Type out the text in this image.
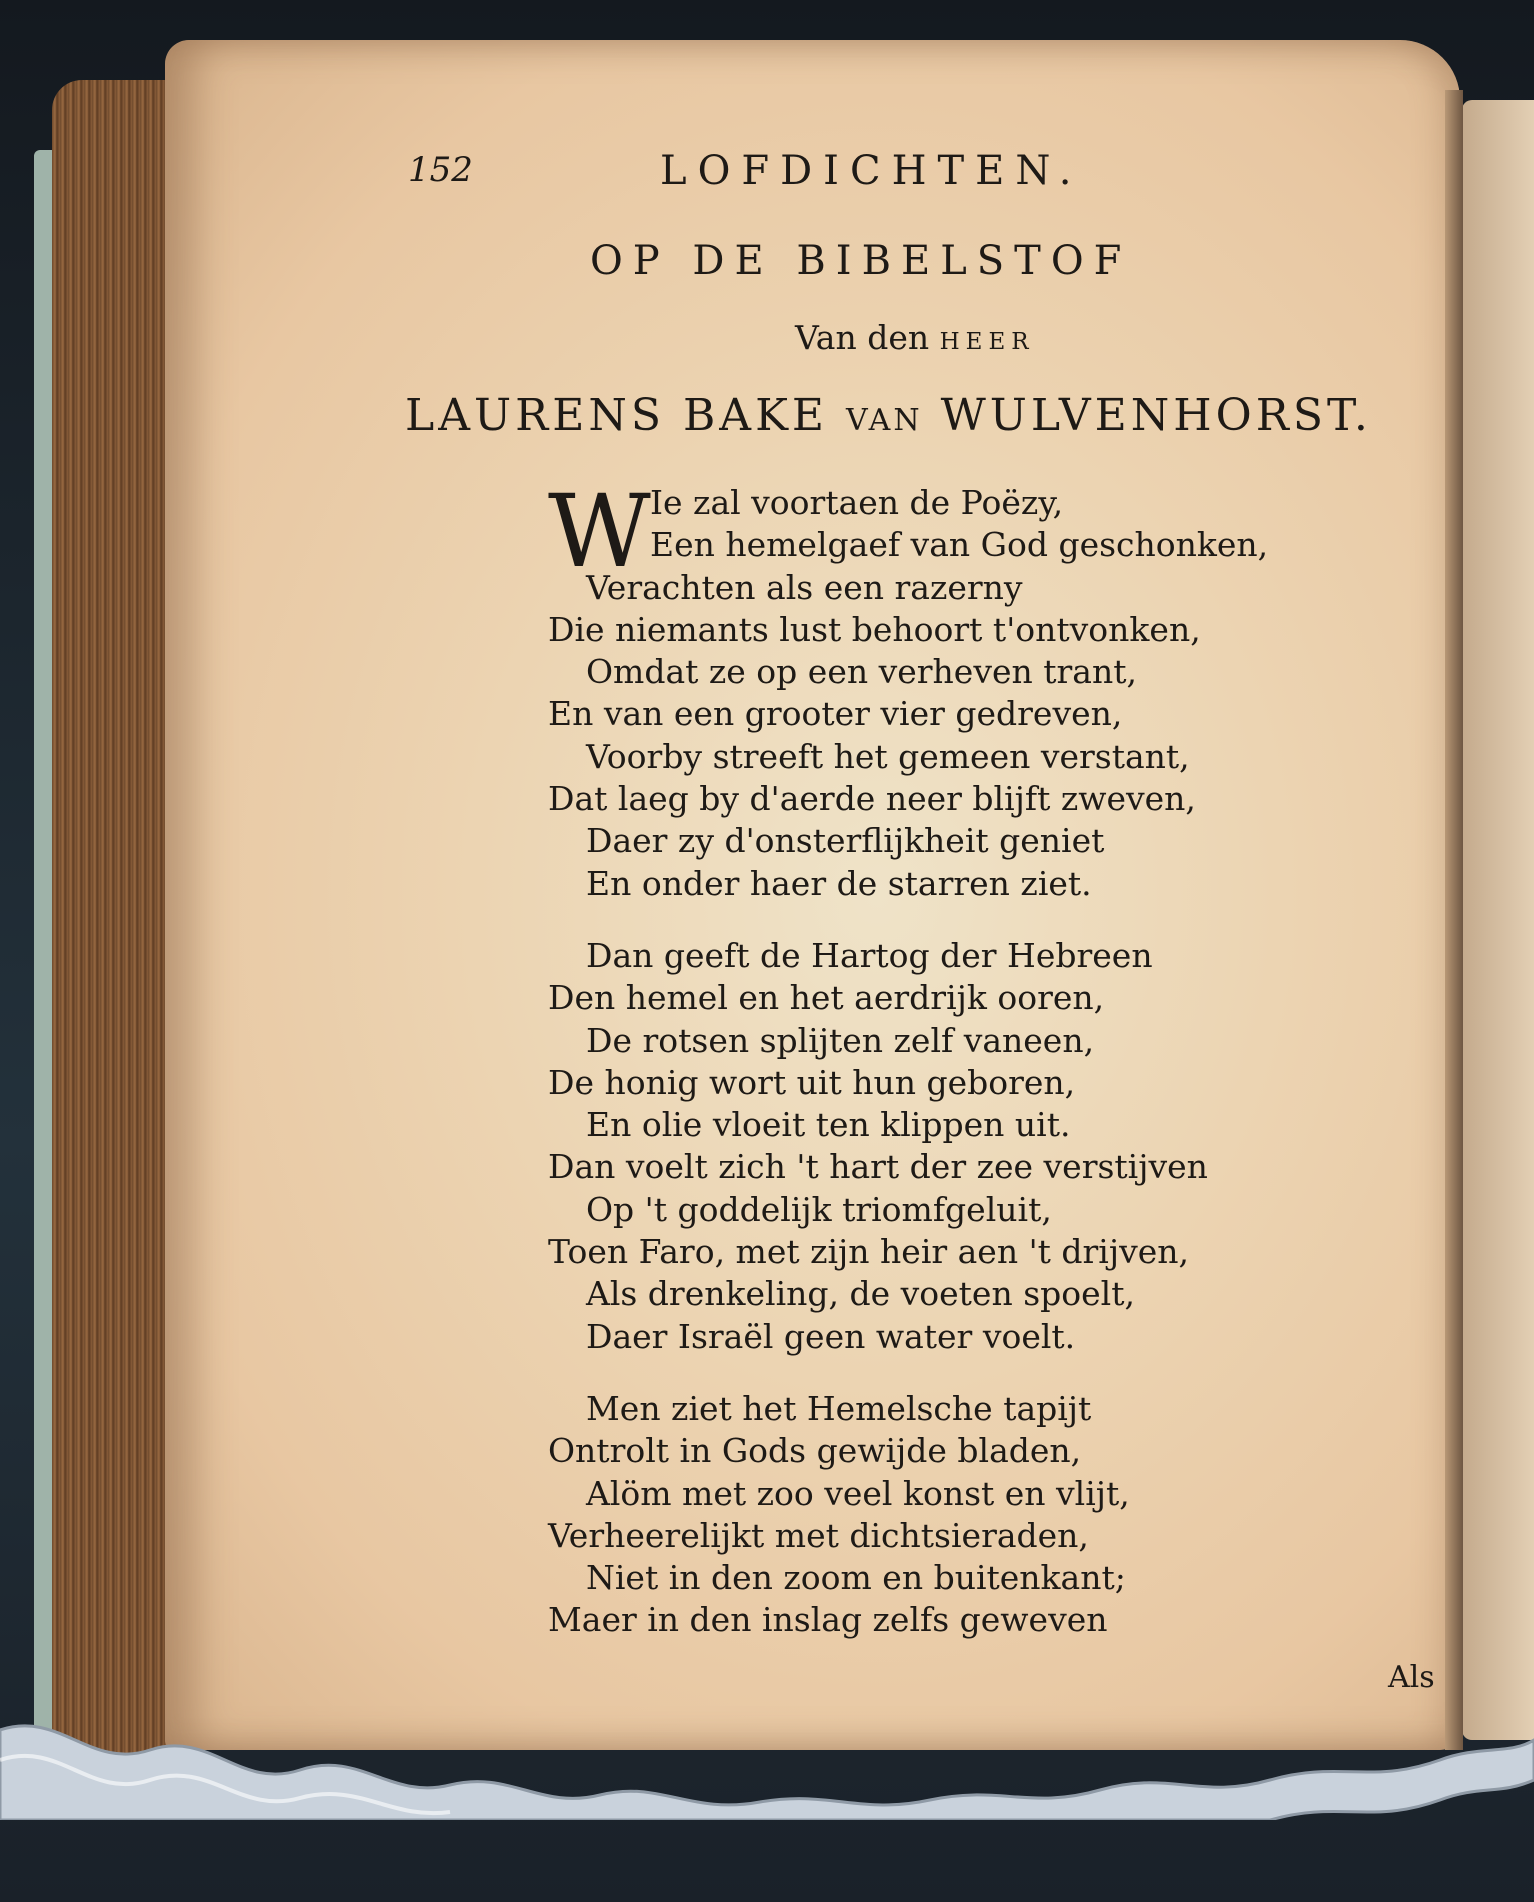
152	LOFDICHTEN.
OP DE BIBELSTOF
Van den HEER
LAURENS BAKE VAN WULVENHORST.
W Ie zal voortaen de Poëzy,
Een hemelgaef van God geschonken,
Verachten als een razerny
Die niemants lust behoort t'ontvonken,
Omdat ze op een verheven trant,
En van een grooter vier gedreven,
Voorby streeft het gemeen verstant,
Dat laeg by d'aerde neer blijft zweven,
Daer zy d'onsterflijkheit geniet
En onder haer de starren ziet.
Dan geeft de Hartog der Hebreen
Den hemel en het aerdrijk ooren,
De rotsen splijten zelf vaneen,
De honig wort uit hun geboren,
En olie vloeit ten klippen uit.
Dan voelt zich 't hart der zee verstijven
Op 't goddelijk triomfgeluit,
Toen Faro, met zijn heir aen 't drijven,
Als drenkeling, de voeten spoelt,
Daer Israël geen water voelt.
Men ziet het Hemelsche tapijt
Ontrolt in Gods gewijde bladen,
Alöm met zoo veel konst en vlijt,
Verheerelijkt met dichtsieraden,
Niet in den zoom en buitenkant;
Maer in den inslag zelfs geweven
Als
